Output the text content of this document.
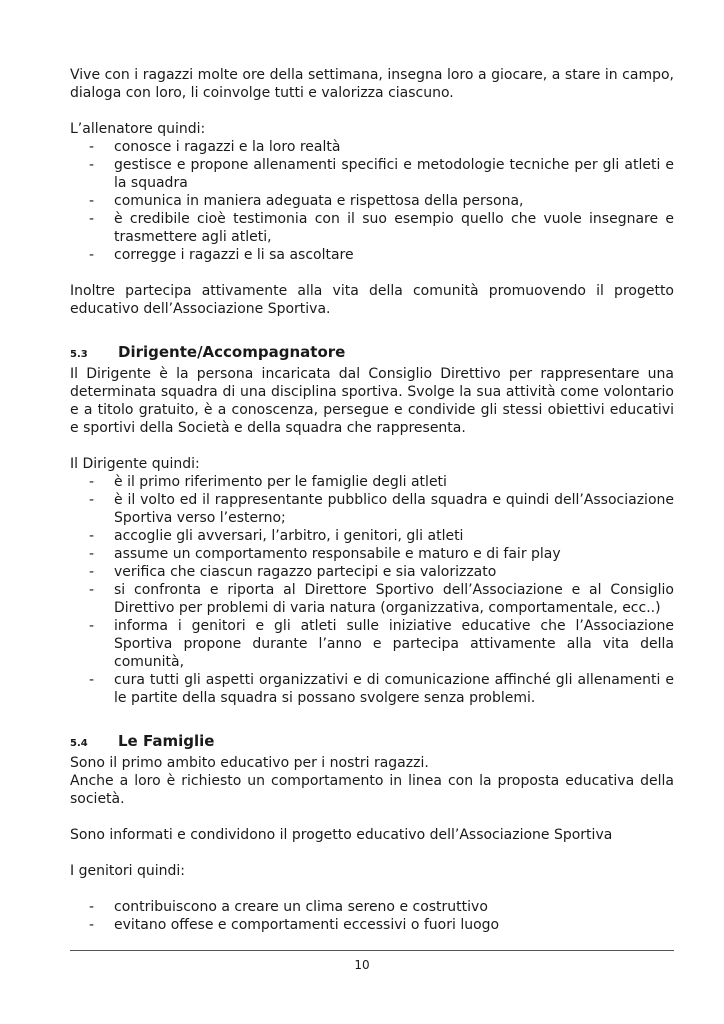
Vive con i ragazzi molte ore della settimana, insegna loro a giocare, a stare in campo, dialoga con loro, li coinvolge tutti e valorizza ciascuno.

L’allenatore quindi:

- conosce i ragazzi e la loro realtà
- gestisce e propone allenamenti specifici e metodologie tecniche per gli atleti e la squadra
- comunica in maniera adeguata e rispettosa della persona,
- è credibile cioè testimonia con il suo esempio quello che vuole insegnare e trasmettere agli atleti,
- corregge i ragazzi e li sa ascoltare

Inoltre partecipa attivamente alla vita della comunità promuovendo il progetto educativo dell’Associazione Sportiva.

5.3	Dirigente/Accompagnatore

Il Dirigente è la persona incaricata dal Consiglio Direttivo per rappresentare una determinata squadra di una disciplina sportiva. Svolge la sua attività come volontario e a titolo gratuito, è a conoscenza, persegue e condivide gli stessi obiettivi educativi e sportivi della Società e della squadra che rappresenta.

Il Dirigente quindi:

- è il primo riferimento per le famiglie degli atleti
- è il volto ed il rappresentante pubblico della squadra e quindi dell’Associazione Sportiva verso l’esterno;
- accoglie gli avversari, l’arbitro, i genitori, gli atleti
- assume un comportamento responsabile e maturo e di fair play
- verifica che ciascun ragazzo partecipi e sia valorizzato
- si confronta e riporta al Direttore Sportivo dell’Associazione e al Consiglio Direttivo per problemi di varia natura (organizzativa, comportamentale, ecc..)
- informa i genitori e gli atleti sulle iniziative educative che l’Associazione Sportiva propone durante l’anno e partecipa attivamente alla vita della comunità,
- cura tutti gli aspetti organizzativi e di comunicazione affinché gli allenamenti e le partite della squadra si possano svolgere senza problemi.
5.4	Le Famiglie

Sono il primo ambito educativo per i nostri ragazzi.

Anche a loro è richiesto un comportamento in linea con la proposta educativa della società.

Sono informati e condividono il progetto educativo dell’Associazione Sportiva

I genitori quindi:

- contribuiscono a creare un clima sereno e costruttivo
- evitano offese e comportamenti eccessivi o fuori luogo
10
